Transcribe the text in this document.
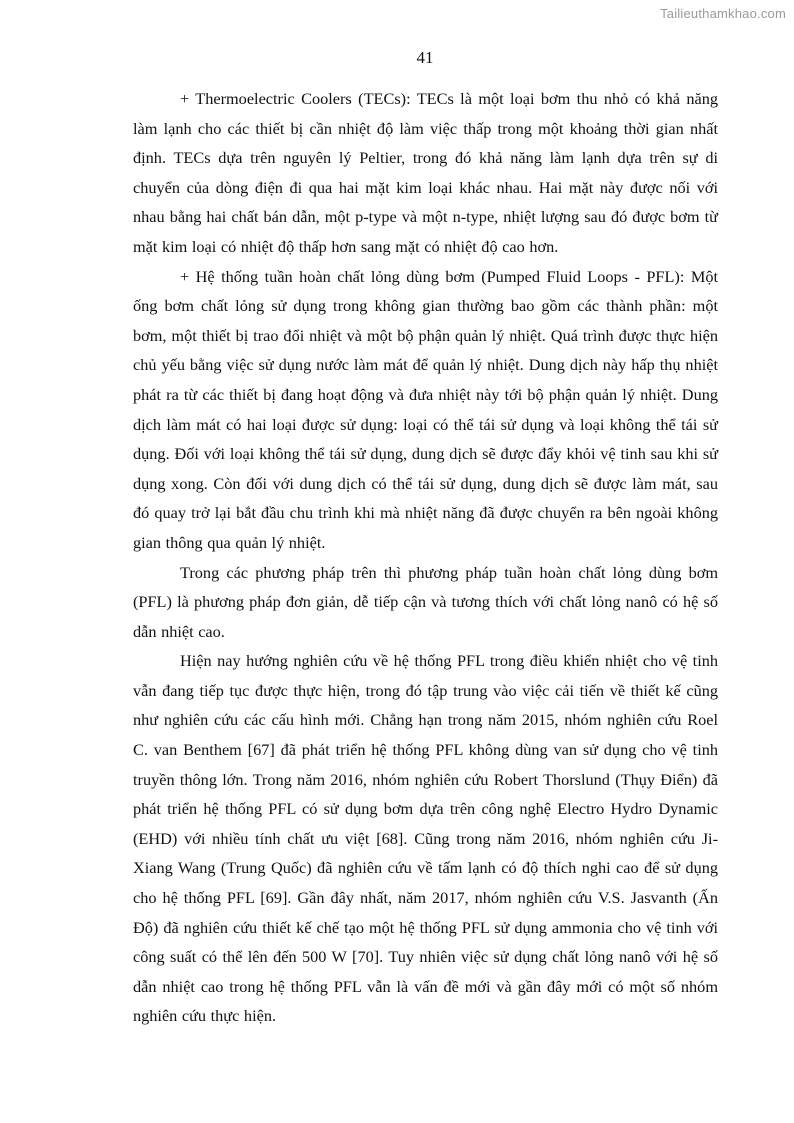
Tailieuthamkhao.com
41

+ Thermoelectric Coolers (TECs): TECs là một loại bơm thu nhỏ có khả năng làm lạnh cho các thiết bị cần nhiệt độ làm việc thấp trong một khoảng thời gian nhất định. TECs dựa trên nguyên lý Peltier, trong đó khả năng làm lạnh dựa trên sự di chuyển của dòng điện đi qua hai mặt kim loại khác nhau. Hai mặt này được nối với nhau bằng hai chất bán dẫn, một p-type và một n-type, nhiệt lượng sau đó được bơm từ mặt kim loại có nhiệt độ thấp hơn sang mặt có nhiệt độ cao hơn.

+ Hệ thống tuần hoàn chất lỏng dùng bơm (Pumped Fluid Loops - PFL): Một ống bơm chất lỏng sử dụng trong không gian thường bao gồm các thành phần: một bơm, một thiết bị trao đổi nhiệt và một bộ phận quản lý nhiệt. Quá trình được thực hiện chủ yếu bằng việc sử dụng nước làm mát để quản lý nhiệt. Dung dịch này hấp thụ nhiệt phát ra từ các thiết bị đang hoạt động và đưa nhiệt này tới bộ phận quản lý nhiệt. Dung dịch làm mát có hai loại được sử dụng: loại có thể tái sử dụng và loại không thể tái sử dụng. Đối với loại không thể tái sử dụng, dung dịch sẽ được đẩy khỏi vệ tinh sau khi sử dụng xong. Còn đối với dung dịch có thể tái sử dụng, dung dịch sẽ được làm mát, sau đó quay trở lại bắt đầu chu trình khi mà nhiệt năng đã được chuyển ra bên ngoài không gian thông qua quản lý nhiệt.

Trong các phương pháp trên thì phương pháp tuần hoàn chất lỏng dùng bơm (PFL) là phương pháp đơn giản, dễ tiếp cận và tương thích với chất lỏng nanô có hệ số dẫn nhiệt cao.

Hiện nay hướng nghiên cứu về hệ thống PFL trong điều khiển nhiệt cho vệ tinh vẫn đang tiếp tục được thực hiện, trong đó tập trung vào việc cải tiến về thiết kế cũng như nghiên cứu các cấu hình mới. Chẳng hạn trong năm 2015, nhóm nghiên cứu Roel C. van Benthem [67] đã phát triển hệ thống PFL không dùng van sử dụng cho vệ tinh truyền thông lớn. Trong năm 2016, nhóm nghiên cứu Robert Thorslund (Thụy Điển) đã phát triển hệ thống PFL có sử dụng bơm dựa trên công nghệ Electro Hydro Dynamic (EHD) với nhiều tính chất ưu việt [68]. Cũng trong năm 2016, nhóm nghiên cứu Ji-Xiang Wang (Trung Quốc) đã nghiên cứu về tấm lạnh có độ thích nghi cao để sử dụng cho hệ thống PFL [69]. Gần đây nhất, năm 2017, nhóm nghiên cứu V.S. Jasvanth (Ấn Độ) đã nghiên cứu thiết kế chế tạo một hệ thống PFL sử dụng ammonia cho vệ tinh với công suất có thể lên đến 500 W [70]. Tuy nhiên việc sử dụng chất lỏng nanô với hệ số dẫn nhiệt cao trong hệ thống PFL vẫn là vấn đề mới và gần đây mới có một số nhóm nghiên cứu thực hiện.
